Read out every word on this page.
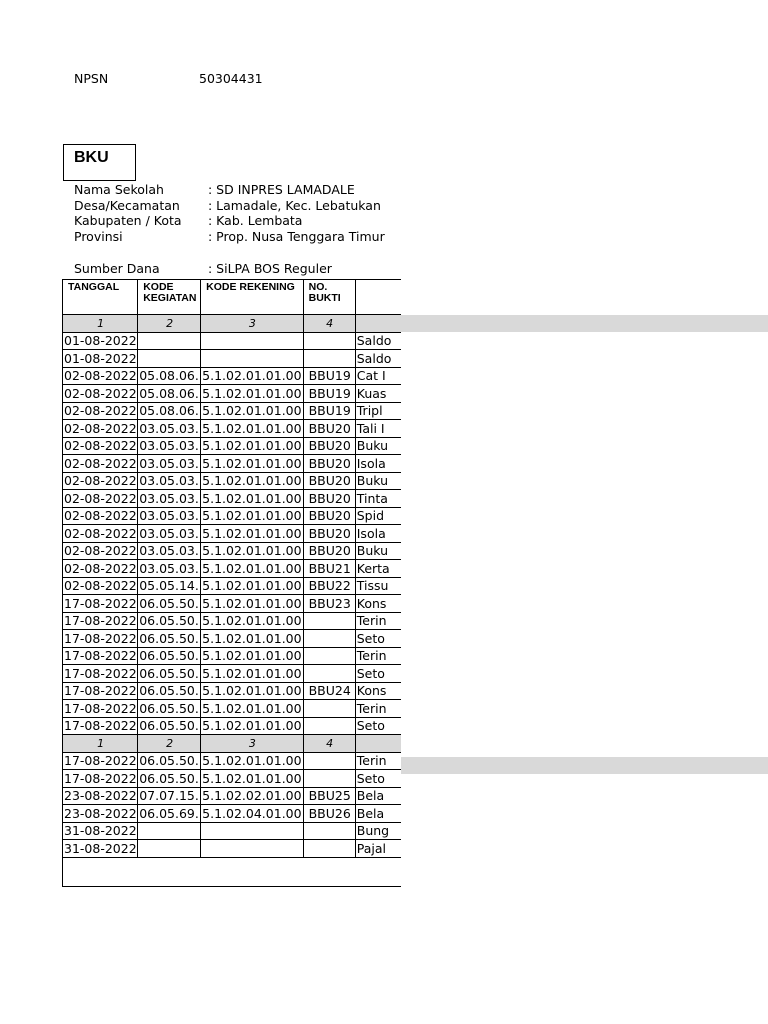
NPSN	50304431
BKU
Nama Sekolah	: SD INPRES LAMADALE
Desa/Kecamatan	: Lamadale, Kec. Lebatukan
Kabupaten / Kota	: Kab. Lembata
Provinsi	: Prop. Nusa Tenggara Timur
Sumber Dana	: SiLPA BOS Reguler
TANGGAL	KODE KEGIATAN	KODE REKENING	NO. BUKTI	
1	2	3	4	
01-08-2022				Saldo
01-08-2022				Saldo
02-08-2022	05.08.06.	5.1.02.01.01.00	BBU19	Cat I
02-08-2022	05.08.06.	5.1.02.01.01.00	BBU19	Kuas
02-08-2022	05.08.06.	5.1.02.01.01.00	BBU19	Tripl
02-08-2022	03.05.03.	5.1.02.01.01.00	BBU20	Tali I
02-08-2022	03.05.03.	5.1.02.01.01.00	BBU20	Buku
02-08-2022	03.05.03.	5.1.02.01.01.00	BBU20	Isola
02-08-2022	03.05.03.	5.1.02.01.01.00	BBU20	Buku
02-08-2022	03.05.03.	5.1.02.01.01.00	BBU20	Tinta
02-08-2022	03.05.03.	5.1.02.01.01.00	BBU20	Spid
02-08-2022	03.05.03.	5.1.02.01.01.00	BBU20	Isola
02-08-2022	03.05.03.	5.1.02.01.01.00	BBU20	Buku
02-08-2022	03.05.03.	5.1.02.01.01.00	BBU21	Kerta
02-08-2022	05.05.14.	5.1.02.01.01.00	BBU22	Tissu
17-08-2022	06.05.50.	5.1.02.01.01.00	BBU23	Kons
17-08-2022	06.05.50.	5.1.02.01.01.00		Terin
17-08-2022	06.05.50.	5.1.02.01.01.00		Seto
17-08-2022	06.05.50.	5.1.02.01.01.00		Terin
17-08-2022	06.05.50.	5.1.02.01.01.00		Seto
17-08-2022	06.05.50.	5.1.02.01.01.00	BBU24	Kons
17-08-2022	06.05.50.	5.1.02.01.01.00		Terin
17-08-2022	06.05.50.	5.1.02.01.01.00		Seto
1	2	3	4	
17-08-2022	06.05.50.	5.1.02.01.01.00		Terin
17-08-2022	06.05.50.	5.1.02.01.01.00		Seto
23-08-2022	07.07.15.	5.1.02.02.01.00	BBU25	Bela
23-08-2022	06.05.69.	5.1.02.04.01.00	BBU26	Bela
31-08-2022				Bung
31-08-2022				Pajal
